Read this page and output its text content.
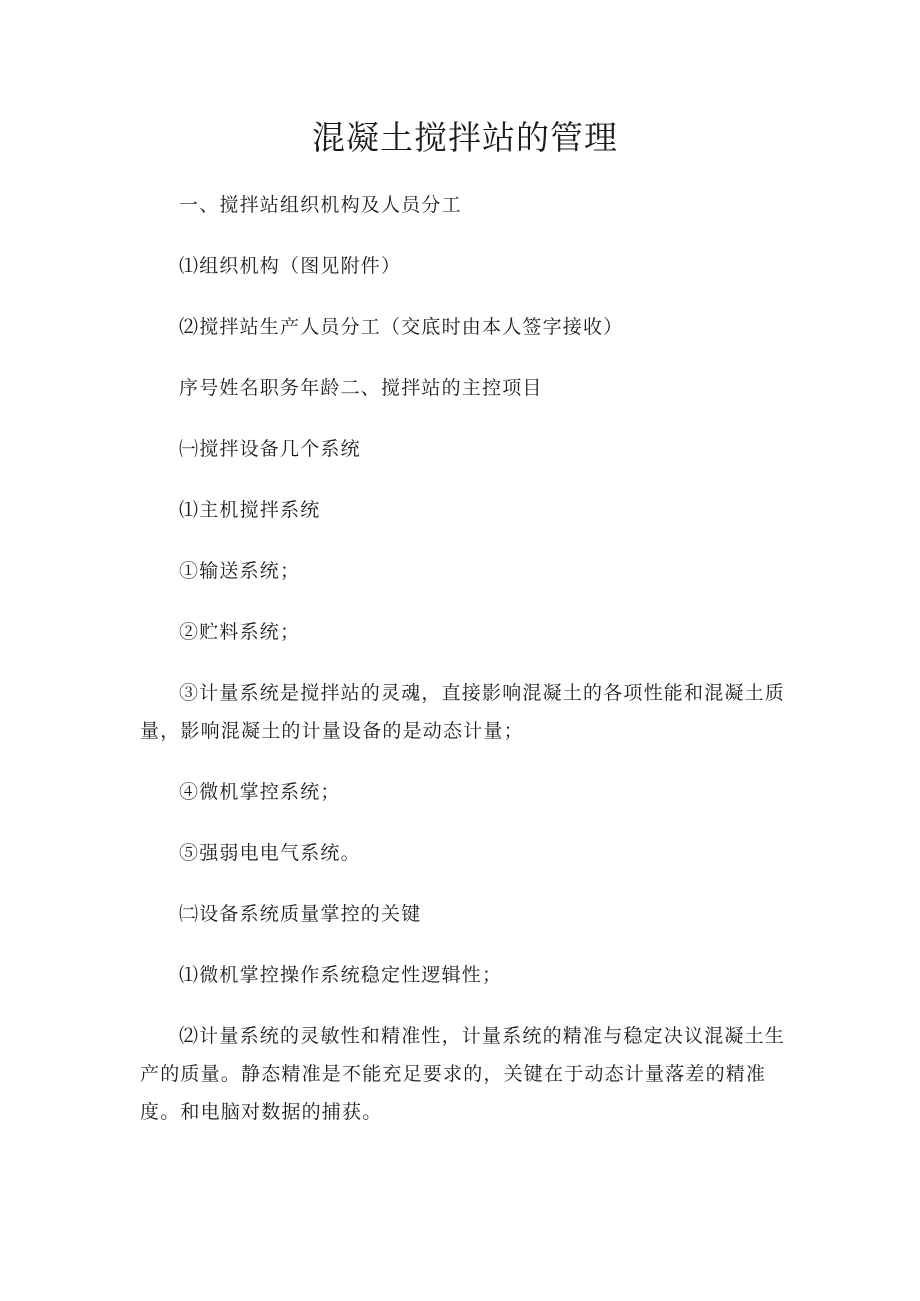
混凝土搅拌站的管理

一、搅拌站组织机构及人员分工

⑴组织机构（图见附件）

⑵搅拌站生产人员分工（交底时由本人签字接收）

序号姓名职务年龄二、搅拌站的主控项目

㈠搅拌设备几个系统

⑴主机搅拌系统

①输送系统；

②贮料系统；

③计量系统是搅拌站的灵魂，直接影响混凝土的各项性能和混凝土质量，影响混凝土的计量设备的是动态计量；

④微机掌控系统；

⑤强弱电电气系统。

㈡设备系统质量掌控的关键

⑴微机掌控操作系统稳定性逻辑性；

⑵计量系统的灵敏性和精准性，计量系统的精准与稳定决议混凝土生产的质量。静态精准是不能充足要求的，关键在于动态计量落差的精准度。和电脑对数据的捕获。
